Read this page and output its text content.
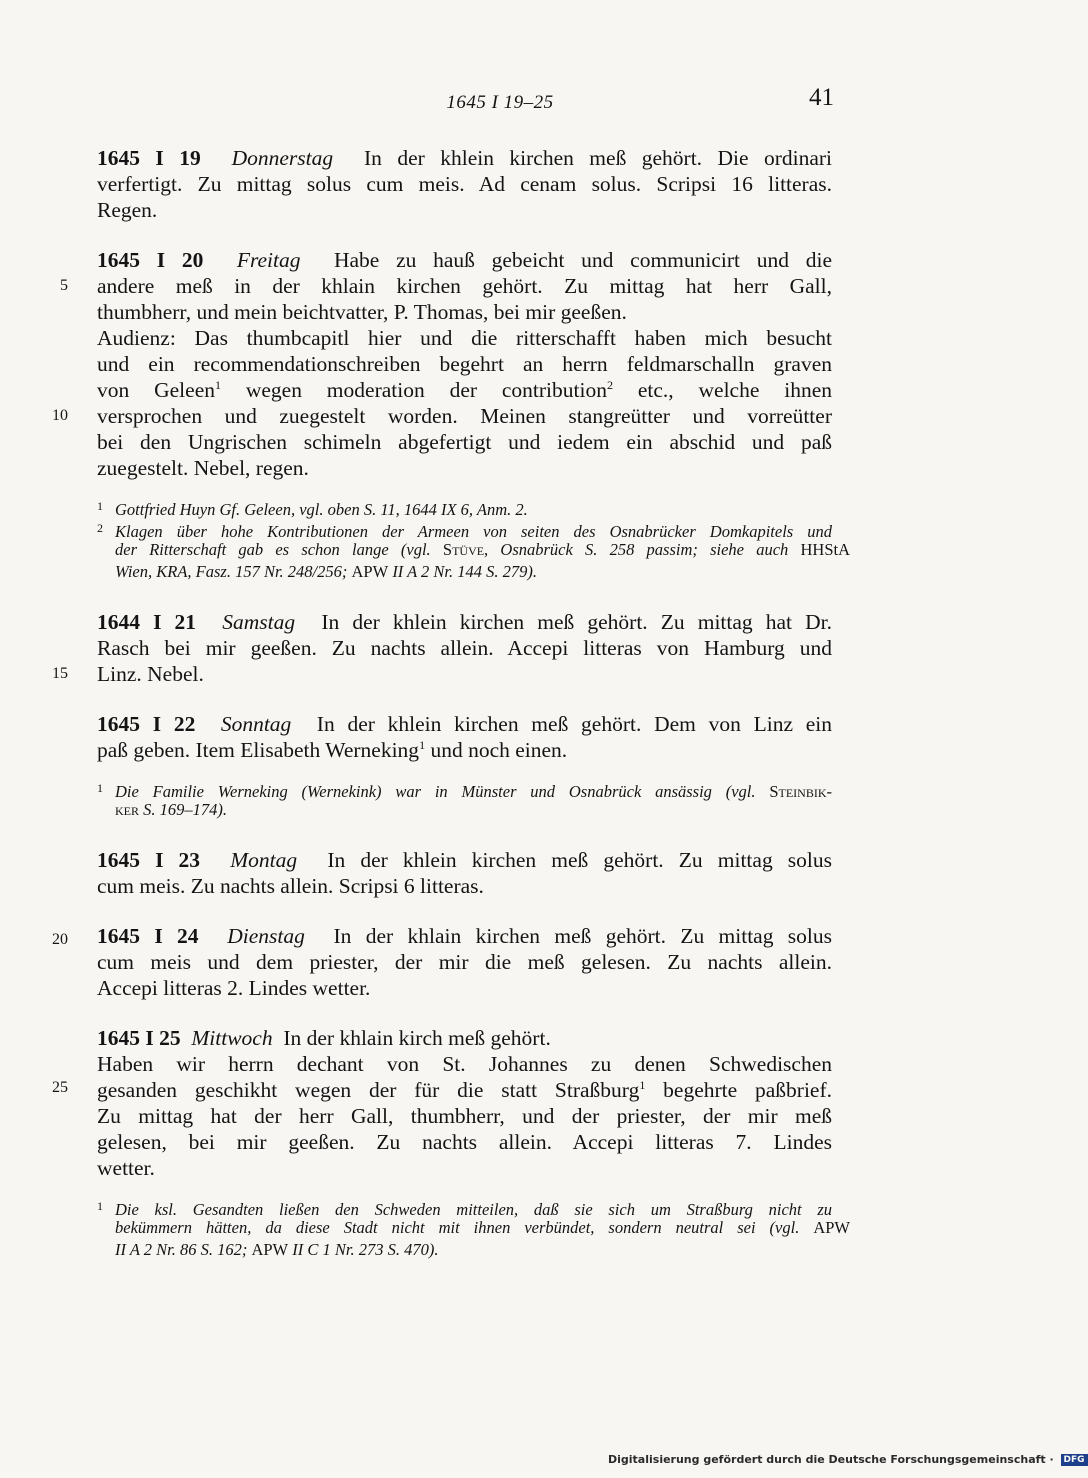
1645 I 19–25	41
5
10
15
20
25
1645 I 19 Donnerstag In der khlein kirchen meß gehört. Die ordinari
verfertigt. Zu mittag solus cum meis. Ad cenam solus. Scripsi 16 litteras.
Regen.
1645 I 20 Freitag Habe zu hauß gebeicht und communicirt und die
andere meß in der khlain kirchen gehört. Zu mittag hat herr Gall,
thumbherr, und mein beichtvatter, P. Thomas, bei mir geeßen.
Audienz: Das thumbcapitl hier und die ritterschafft haben mich besucht
und ein recommendationschreiben begehrt an herrn feldmarschalln graven
von Geleen$^1$ wegen moderation der contribution$^2$ etc., welche ihnen
versprochen und zuegestelt worden. Meinen stangreütter und vorreütter
bei den Ungrischen schimeln abgefertigt und iedem ein abschid und paß
zuegestelt. Nebel, regen.
1 Gottfried Huyn Gf. Geleen, vgl. oben S. 11, 1644 IX 6, Anm. 2.
2 Klagen über hohe Kontributionen der Armeen von seiten des Osnabrücker Domkapitels und
der Ritterschaft gab es schon lange (vgl. Stüve, Osnabrück S. 258 passim; siehe auch HHStA
Wien, KRA, Fasz. 157 Nr. 248/256; APW II A 2 Nr. 144 S. 279).
1644 I 21 Samstag In der khlein kirchen meß gehört. Zu mittag hat Dr.
Rasch bei mir geeßen. Zu nachts allein. Accepi litteras von Hamburg und
Linz. Nebel.
1645 I 22 Sonntag In der khlein kirchen meß gehört. Dem von Linz ein
paß geben. Item Elisabeth Werneking$^1$ und noch einen.
1 Die Familie Werneking (Wernekink) war in Münster und Osnabrück ansässig (vgl. Steinbik-
ker S. 169–174).
1645 I 23 Montag In der khlein kirchen meß gehört. Zu mittag solus
cum meis. Zu nachts allein. Scripsi 6 litteras.
1645 I 24 Dienstag In der khlain kirchen meß gehört. Zu mittag solus
cum meis und dem priester, der mir die meß gelesen. Zu nachts allein.
Accepi litteras 2. Lindes wetter.
1645 I 25 Mittwoch In der khlain kirch meß gehört.
Haben wir herrn dechant von St. Johannes zu denen Schwedischen
gesanden geschikht wegen der für die statt Straßburg$^1$ begehrte paßbrief.
Zu mittag hat der herr Gall, thumbherr, und der priester, der mir meß
gelesen, bei mir geeßen. Zu nachts allein. Accepi litteras 7. Lindes
wetter.
1 Die ksl. Gesandten ließen den Schweden mitteilen, daß sie sich um Straßburg nicht zu
bekümmern hätten, da diese Stadt nicht mit ihnen verbündet, sondern neutral sei (vgl. APW
II A 2 Nr. 86 S. 162; APW II C 1 Nr. 273 S. 470).
Digitalisierung gefördert durch die Deutsche Forschungsgemeinschaft · DFG
